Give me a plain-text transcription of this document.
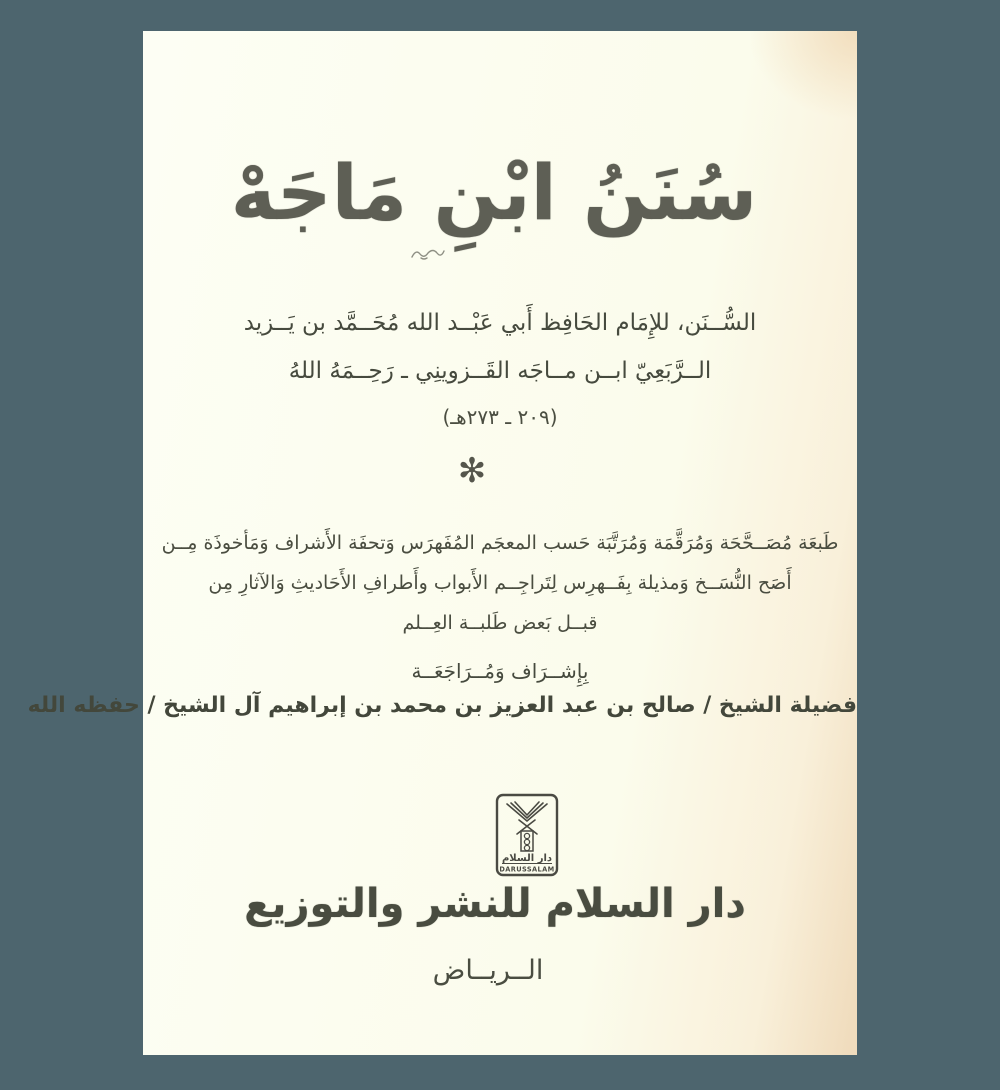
سُنَنُ ابْنِ مَاجَهْ
السُّــنَن، للإِمَام الحَافِظ أَبي عَبْــد الله مُحَــمَّد بن يَــزيد
الــرَّبَعِيّ ابــن مــاجَه القَــزوينِي ـ رَحِــمَهُ اللهُ
(٢٠٩ ـ ٢٧٣هـ)
✻
طَبعَة مُصَــحَّحَة وَمُرَقَّمَة وَمُرَتَّبَة حَسب المعجَم المُفَهرَس وَتحفَة الأَشراف وَمَأخوذَة مِــن
أَصَح النُّسَــخ وَمذيلة بِفَــهرِس لِتَراجِــم الأَبواب وأَطرافِ الأَحَاديثِ وَالآثارِ مِن
قبــل بَعض طَلبــة العِــلم
بِإِشــرَاف وَمُــرَاجَعَــة
فضيلة الشيخ / صالح بن عبد العزيز بن محمد بن إبراهيم آل الشيخ / حفظه الله
دار السلام
DARUSSALAM
دار السلام للنشر والتوزيع
الــريــاض
